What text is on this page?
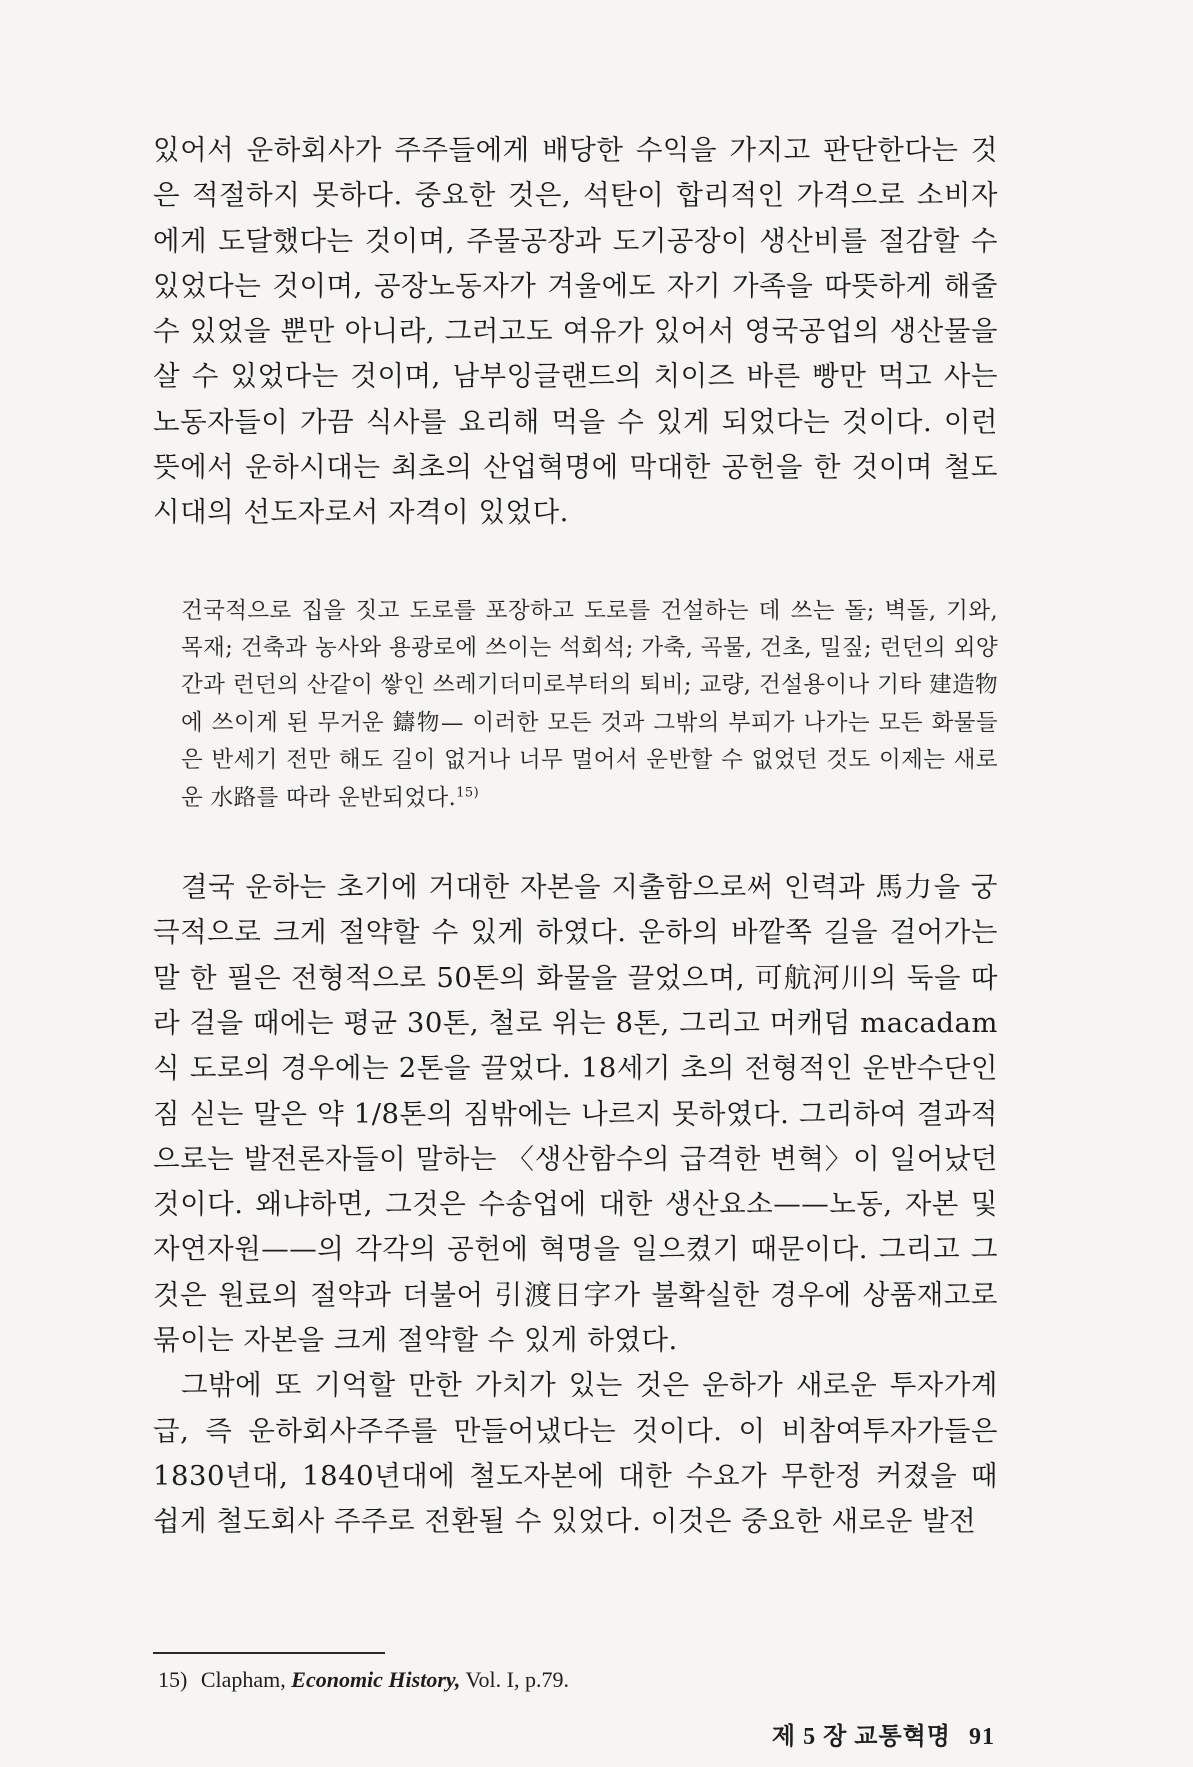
있어서 운하회사가 주주들에게 배당한 수익을 가지고 판단한다는 것은 적절하지 못하다. 중요한 것은, 석탄이 합리적인 가격으로 소비자에게 도달했다는 것이며, 주물공장과 도기공장이 생산비를 절감할 수 있었다는 것이며, 공장노동자가 겨울에도 자기 가족을 따뜻하게 해줄 수 있었을 뿐만 아니라, 그러고도 여유가 있어서 영국공업의 생산물을 살 수 있었다는 것이며, 남부잉글랜드의 치이즈 바른 빵만 먹고 사는 노동자들이 가끔 식사를 요리해 먹을 수 있게 되었다는 것이다. 이런 뜻에서 운하시대는 최초의 산업혁명에 막대한 공헌을 한 것이며 철도시대의 선도자로서 자격이 있었다.

건국적으로 집을 짓고 도로를 포장하고 도로를 건설하는 데 쓰는 돌; 벽돌, 기와, 목재; 건축과 농사와 용광로에 쓰이는 석회석; 가축, 곡물, 건초, 밀짚; 런던의 외양간과 런던의 산같이 쌓인 쓰레기더미로부터의 퇴비; 교량, 건설용이나 기타 建造物에 쓰이게 된 무거운 鑄物— 이러한 모든 것과 그밖의 부피가 나가는 모든 화물들은 반세기 전만 해도 길이 없거나 너무 멀어서 운반할 수 없었던 것도 이제는 새로운 水路를 따라 운반되었다.$^{15)}$

결국 운하는 초기에 거대한 자본을 지출함으로써 인력과 馬力을 궁극적으로 크게 절약할 수 있게 하였다. 운하의 바깥쪽 길을 걸어가는 말 한 필은 전형적으로 50톤의 화물을 끌었으며, 可航河川의 둑을 따라 걸을 때에는 평균 30톤, 철로 위는 8톤, 그리고 머캐덤 macadam식 도로의 경우에는 2톤을 끌었다. 18세기 초의 전형적인 운반수단인 짐 싣는 말은 약 1/8톤의 짐밖에는 나르지 못하였다. 그리하여 결과적으로는 발전론자들이 말하는 〈생산함수의 급격한 변혁〉이 일어났던 것이다. 왜냐하면, 그것은 수송업에 대한 생산요소——노동, 자본 및 자연자원——의 각각의 공헌에 혁명을 일으켰기 때문이다. 그리고 그것은 원료의 절약과 더불어 引渡日字가 불확실한 경우에 상품재고로 묶이는 자본을 크게 절약할 수 있게 하였다.

그밖에 또 기억할 만한 가치가 있는 것은 운하가 새로운 투자가계급, 즉 운하회사주주를 만들어냈다는 것이다. 이 비참여투자가들은 1830년대, 1840년대에 철도자본에 대한 수요가 무한정 커졌을 때 쉽게 철도회사 주주로 전환될 수 있었다. 이것은 중요한 새로운 발전

15) Clapham, Economic History, Vol. I, p.79.
제 5 장 교통혁명 91
